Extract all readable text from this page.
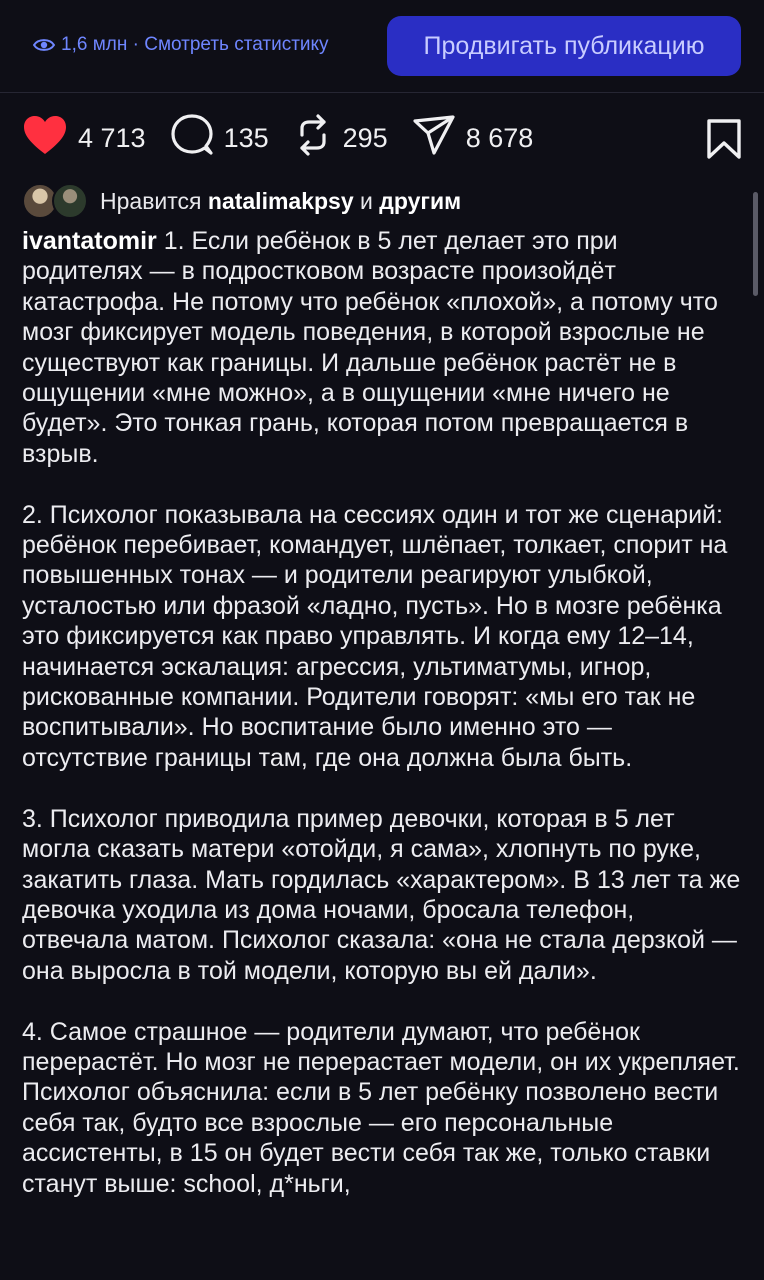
1,6 млн · Смотреть статистику	Продвигать публикацию
4 713	135	295	8 678
Нравится
natalimakpsy
и
другим

ivantatomir 1. Если ребёнок в 5 лет делает это при родителях — в подростковом возрасте произойдёт катастрофа. Не потому что ребёнок «плохой», а потому что мозг фиксирует модель поведения, в которой взрослые не существуют как границы. И дальше ребёнок растёт не в ощущении «мне можно», а в ощущении «мне ничего не будет». Это тонкая грань, которая потом превращается в взрыв.

2. Психолог показывала на сессиях один и тот же сценарий: ребёнок перебивает, командует, шлёпает, толкает, спорит на повышенных тонах — и родители реагируют улыбкой, усталостью или фразой «ладно, пусть». Но в мозге ребёнка это фиксируется как право управлять. И когда ему 12–14, начинается эскалация: агрессия, ультиматумы, игнор, рискованные компании. Родители говорят: «мы его так не воспитывали». Но воспитание было именно это — отсутствие границы там, где она должна была быть.

3. Психолог приводила пример девочки, которая в 5 лет могла сказать матери «отойди, я сама», хлопнуть по руке, закатить глаза. Мать гордилась «характером». В 13 лет та же девочка уходила из дома ночами, бросала телефон, отвечала матом. Психолог сказала: «она не стала дерзкой — она выросла в той модели, которую вы ей дали».

4. Самое страшное — родители думают, что ребёнок перерастёт. Но мозг не перерастает модели, он их укрепляет. Психолог объяснила: если в 5 лет ребёнку позволено вести себя так, будто все взрослые — его персональные ассистенты, в 15 он будет вести себя так же, только ставки станут выше: school, д*ньги,
